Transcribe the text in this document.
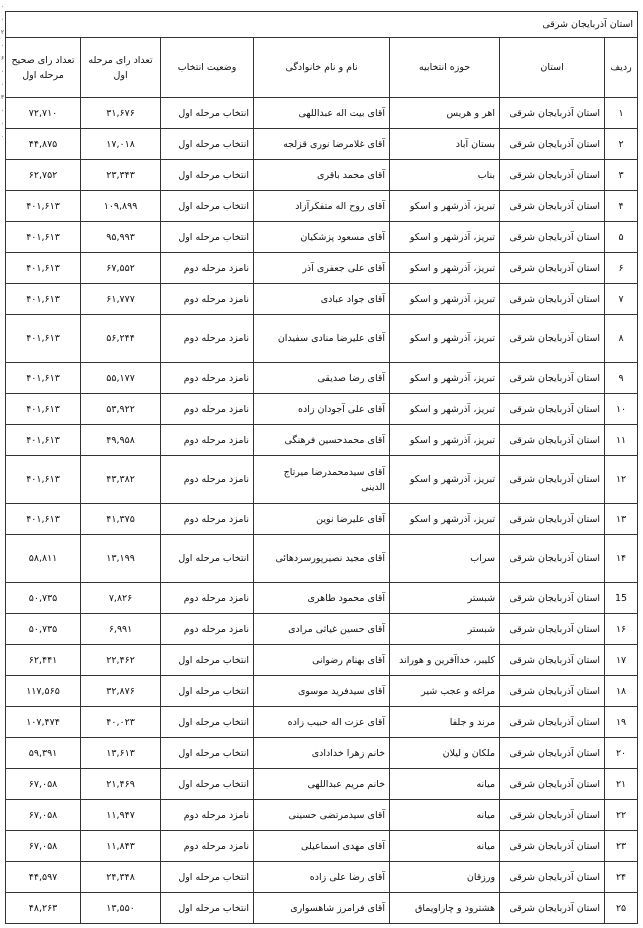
۰
۰
۲
۰
۶
۰
۰
۳
۰
۰
۰
استان آذربایجان شرقی						
ردیف	استان	حوزه انتخابیه	نام و نام خانوادگی	وضعیت انتخاب	تعداد رای مرحله اول	تعداد رای صحیح مرحله اول
۱	استان آذربایجان شرقی	اهر و هریس	آقای بیت اله عبداللهی	انتخاب مرحله اول	۳۱,۶۷۶	۷۲,۷۱۰
۲	استان آذربایجان شرقی	بستان آباد	آقای غلامرضا نوری قزلجه	انتخاب مرحله اول	۱۷,۰۱۸	۴۴,۸۷۵
۳	استان آذربایجان شرقی	بناب	آقای محمد باقری	انتخاب مرحله اول	۲۳,۳۴۳	۶۲,۷۵۲
۴	استان آذربایجان شرقی	تبریز، آذرشهر و اسکو	آقای روح اله متفکرآزاد	انتخاب مرحله اول	۱۰۹,۸۹۹	۴۰۱,۶۱۳
۵	استان آذربایجان شرقی	تبریز، آذرشهر و اسکو	آقای مسعود پزشکیان	انتخاب مرحله اول	۹۵,۹۹۳	۴۰۱,۶۱۳
۶	استان آذربایجان شرقی	تبریز، آذرشهر و اسکو	آقای علی جعفری آذر	نامزد مرحله دوم	۶۷,۵۵۲	۴۰۱,۶۱۳
۷	استان آذربایجان شرقی	تبریز، آذرشهر و اسکو	آقای جواد عبادی	نامزد مرحله دوم	۶۱,۷۷۷	۴۰۱,۶۱۳
۸	استان آذربایجان شرقی	تبریز، آذرشهر و اسکو	آقای علیرضا منادی سفیدان	نامزد مرحله دوم	۵۶,۲۴۴	۴۰۱,۶۱۳
۹	استان آذربایجان شرقی	تبریز، آذرشهر و اسکو	آقای رضا صدیقی	نامزد مرحله دوم	۵۵,۱۷۷	۴۰۱,۶۱۳
۱۰	استان آذربایجان شرقی	تبریز، آذرشهر و اسکو	آقای علی آجودان زاده	نامزد مرحله دوم	۵۳,۹۲۲	۴۰۱,۶۱۳
۱۱	استان آذربایجان شرقی	تبریز، آذرشهر و اسکو	آقای محمدحسین فرهنگی	نامزد مرحله دوم	۴۹,۹۵۸	۴۰۱,۶۱۳
۱۲	استان آذربایجان شرقی	تبریز، آذرشهر و اسکو	آقای سیدمحمدرضا میرتاج الدینی	نامزد مرحله دوم	۴۳,۳۸۲	۴۰۱,۶۱۳
۱۳	استان آذربایجان شرقی	تبریز، آذرشهر و اسکو	آقای علیرضا نوین	نامزد مرحله دوم	۴۱,۳۷۵	۴۰۱,۶۱۳
۱۴	استان آذربایجان شرقی	سراب	آقای مجید نصیرپورسردهائی	انتخاب مرحله اول	۱۳,۱۹۹	۵۸,۸۱۱
15	استان آذربایجان شرقی	شبستر	آقای محمود طاهری	نامزد مرحله دوم	۷,۸۲۶	۵۰,۷۳۵
۱۶	استان آذربایجان شرقی	شبستر	آقای حسین غیاثی مرادی	نامزد مرحله دوم	۶,۹۹۱	۵۰,۷۳۵
۱۷	استان آذربایجان شرقی	کلیبر، خداآفرین و هوراند	آقای بهنام رضوانی	انتخاب مرحله اول	۲۲,۴۶۲	۶۲,۴۴۱
۱۸	استان آذربایجان شرقی	مراغه و عجب شیر	آقای سیدفرید موسوی	انتخاب مرحله اول	۳۲,۸۷۶	۱۱۷,۵۶۵
۱۹	استان آذربایجان شرقی	مرند و جلفا	آقای عزت اله حبیب زاده	انتخاب مرحله اول	۴۰,۰۲۳	۱۰۷,۴۷۴
۲۰	استان آذربایجان شرقی	ملکان و لیلان	خانم زهرا خدادادی	انتخاب مرحله اول	۱۳,۶۱۳	۵۹,۳۹۱
۲۱	استان آذربایجان شرقی	میانه	خانم مریم عبداللهی	انتخاب مرحله اول	۲۱,۴۶۹	۶۷,۰۵۸
۲۲	استان آذربایجان شرقی	میانه	آقای سیدمرتضی حسینی	نامزد مرحله دوم	۱۱,۹۴۷	۶۷,۰۵۸
۲۳	استان آذربایجان شرقی	میانه	آقای مهدی اسماعیلی	نامزد مرحله دوم	۱۱,۸۴۳	۶۷,۰۵۸
۲۴	استان آذربایجان شرقی	ورزقان	آقای رضا علی زاده	انتخاب مرحله اول	۲۴,۳۴۸	۴۴,۵۹۷
۲۵	استان آذربایجان شرقی	هشترود و چاراویماق	آقای فرامرز شاهسواری	انتخاب مرحله اول	۱۳,۵۵۰	۴۸,۲۶۳
